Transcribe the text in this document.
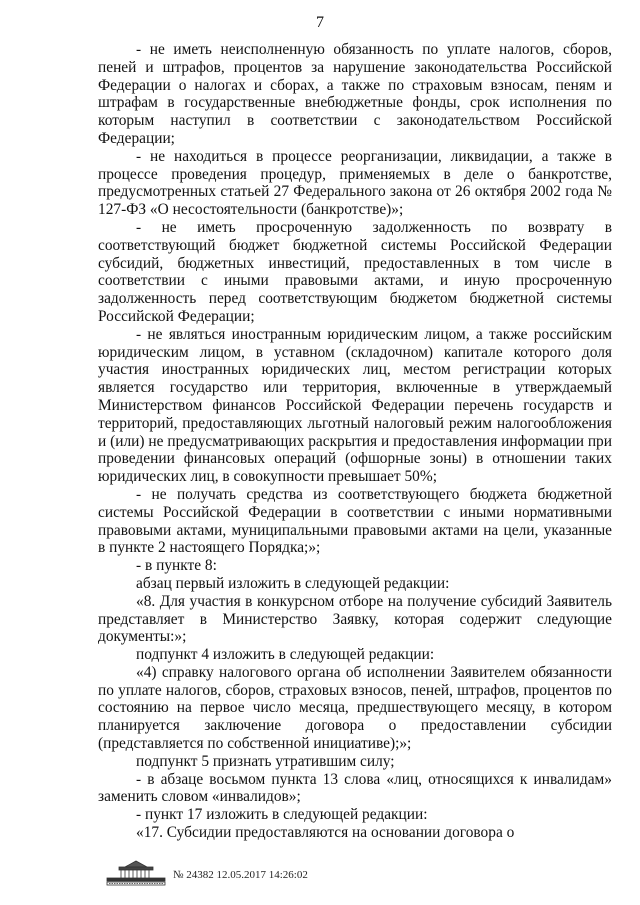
7

- не иметь неисполненную обязанность по уплате налогов, сборов, пеней и штрафов, процентов за нарушение законодательства Российской Федерации о налогах и сборах, а также по страховым взносам, пеням и штрафам в государственные внебюджетные фонды, срок исполнения по которым наступил в соответствии с законодательством Российской Федерации;

- не находиться в процессе реорганизации, ликвидации, а также в процессе проведения процедур, применяемых в деле о банкротстве, предусмотренных статьей 27 Федерального закона от 26 октября 2002 года № 127-ФЗ «О несостоятельности (банкротстве)»;

- не иметь просроченную задолженность по возврату в соответствующий бюджет бюджетной системы Российской Федерации субсидий, бюджетных инвестиций, предоставленных в том числе в соответствии с иными правовыми актами, и иную просроченную задолженность перед соответствующим бюджетом бюджетной системы Российской Федерации;

- не являться иностранным юридическим лицом, а также российским юридическим лицом, в уставном (складочном) капитале которого доля участия иностранных юридических лиц, местом регистрации которых является государство или территория, включенные в утверждаемый Министерством финансов Российской Федерации перечень государств и территорий, предоставляющих льготный налоговый режим налогообложения и (или) не предусматривающих раскрытия и предоставления информации при проведении финансовых операций (офшорные зоны) в отношении таких юридических лиц, в совокупности превышает 50%;

- не получать средства из соответствующего бюджета бюджетной системы Российской Федерации в соответствии с иными нормативными правовыми актами, муниципальными правовыми актами на цели, указанные в пункте 2 настоящего Порядка;»;

- в пункте 8:

абзац первый изложить в следующей редакции:

«8. Для участия в конкурсном отборе на получение субсидий Заявитель представляет в Министерство Заявку, которая содержит следующие документы:»;

подпункт 4 изложить в следующей редакции:

«4) справку налогового органа об исполнении Заявителем обязанности по уплате налогов, сборов, страховых взносов, пеней, штрафов, процентов по состоянию на первое число месяца, предшествующего месяцу, в котором планируется заключение договора о предоставлении субсидии (представляется по собственной инициативе);»;

подпункт 5 признать утратившим силу;

- в абзаце восьмом пункта 13 слова «лиц, относящихся к инвалидам» заменить словом «инвалидов»;

- пункт 17 изложить в следующей редакции:

«17. Субсидии предоставляются на основании договора о

№ 24382 12.05.2017 14:26:02
